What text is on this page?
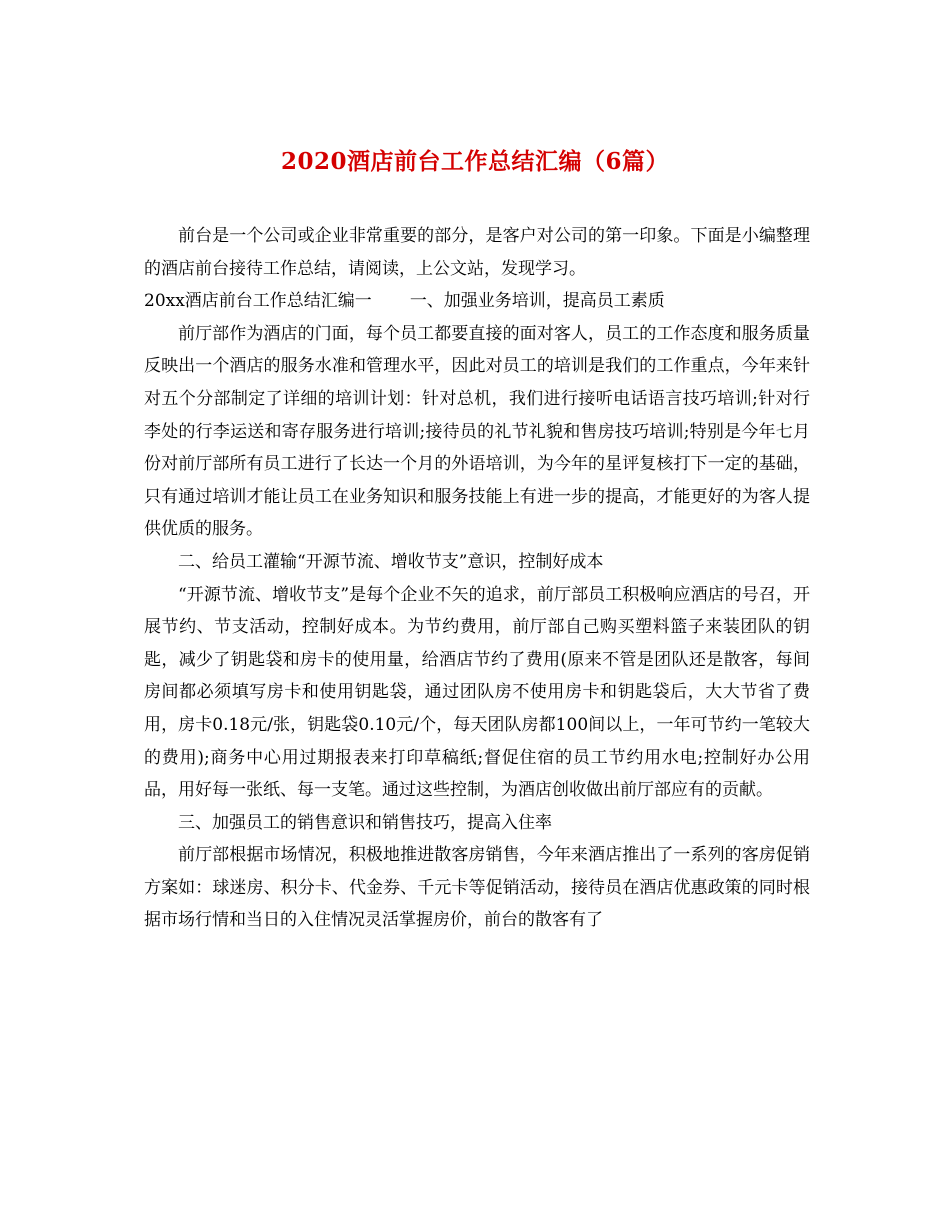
2020酒店前台工作总结汇编（6篇）

前台是一个公司或企业非常重要的部分，是客户对公司的第一印象。下面是小编整理的酒店前台接待工作总结，请阅读，上公文站，发现学习。

20xx酒店前台工作总结汇编一 一、加强业务培训，提高员工素质

前厅部作为酒店的门面，每个员工都要直接的面对客人，员工的工作态度和服务质量反映出一个酒店的服务水准和管理水平，因此对员工的培训是我们的工作重点，今年来针对五个分部制定了详细的培训计划：针对总机，我们进行接听电话语言技巧培训;针对行李处的行李运送和寄存服务进行培训;接待员的礼节礼貌和售房技巧培训;特别是今年七月份对前厅部所有员工进行了长达一个月的外语培训，为今年的星评复核打下一定的基础，只有通过培训才能让员工在业务知识和服务技能上有进一步的提高，才能更好的为客人提供优质的服务。

二、给员工灌输“开源节流、增收节支”意识，控制好成本

“开源节流、增收节支”是每个企业不矢的追求，前厅部员工积极响应酒店的号召，开展节约、节支活动，控制好成本。为节约费用，前厅部自己购买塑料篮子来装团队的钥匙，减少了钥匙袋和房卡的使用量，给酒店节约了费用(原来不管是团队还是散客，每间房间都必须填写房卡和使用钥匙袋，通过团队房不使用房卡和钥匙袋后，大大节省了费用，房卡0.18元/张，钥匙袋0.10元/个，每天团队房都100间以上，一年可节约一笔较大的费用);商务中心用过期报表来打印草稿纸;督促住宿的员工节约用水电;控制好办公用品，用好每一张纸、每一支笔。通过这些控制，为酒店创收做出前厅部应有的贡献。

三、加强员工的销售意识和销售技巧，提高入住率

前厅部根据市场情况，积极地推进散客房销售，今年来酒店推出了一系列的客房促销方案如：球迷房、积分卡、代金券、千元卡等促销活动，接待员在酒店优惠政策的同时根据市场行情和当日的入住情况灵活掌握房价，前台的散客有了
